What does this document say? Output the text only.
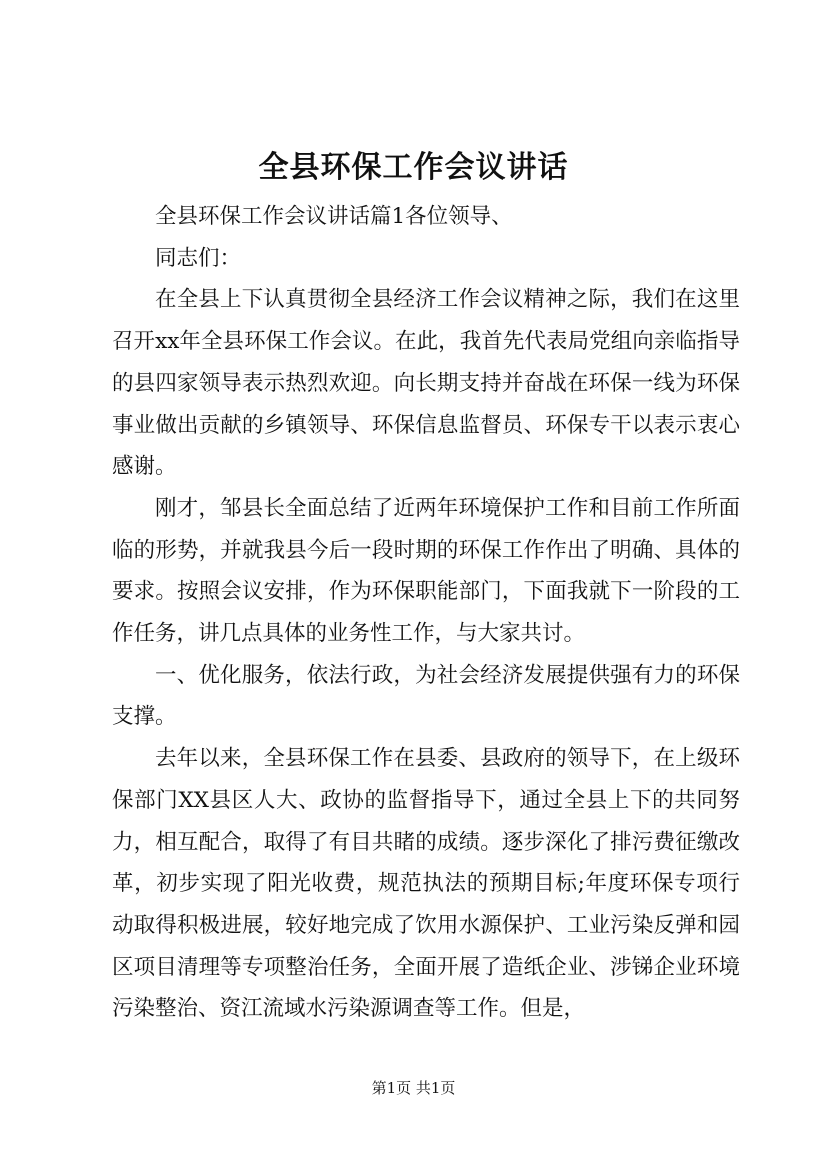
全县环保工作会议讲话

全县环保工作会议讲话篇1各位领导、

同志们：

在全县上下认真贯彻全县经济工作会议精神之际，我们在这里召开xx年全县环保工作会议。在此，我首先代表局党组向亲临指导的县四家领导表示热烈欢迎。向长期支持并奋战在环保一线为环保事业做出贡献的乡镇领导、环保信息监督员、环保专干以表示衷心感谢。

刚才，邹县长全面总结了近两年环境保护工作和目前工作所面临的形势，并就我县今后一段时期的环保工作作出了明确、具体的要求。按照会议安排，作为环保职能部门，下面我就下一阶段的工作任务，讲几点具体的业务性工作，与大家共讨。

一、优化服务，依法行政，为社会经济发展提供强有力的环保支撑。

去年以来，全县环保工作在县委、县政府的领导下，在上级环保部门XX县区人大、政协的监督指导下，通过全县上下的共同努力，相互配合，取得了有目共睹的成绩。逐步深化了排污费征缴改革，初步实现了阳光收费，规范执法的预期目标;年度环保专项行动取得积极进展，较好地完成了饮用水源保护、工业污染反弹和园区项目清理等专项整治任务，全面开展了造纸企业、涉锑企业环境污染整治、资江流域水污染源调查等工作。但是，

第1页 共1页
